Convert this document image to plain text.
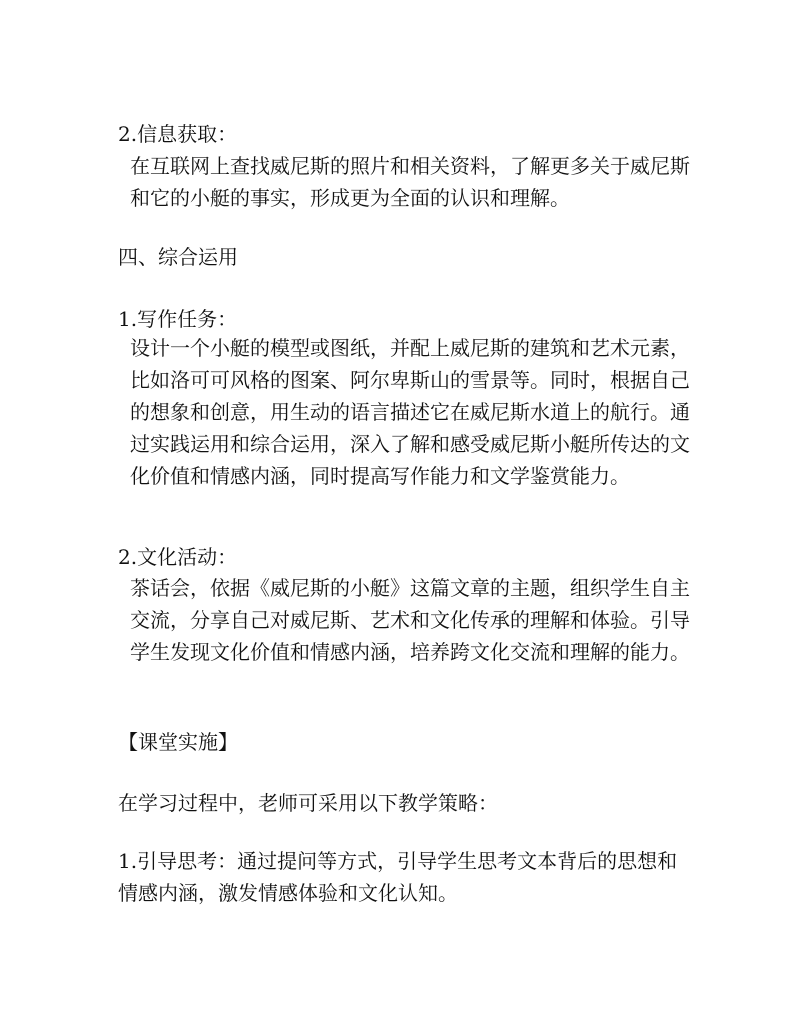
2.信息获取：

在互联网上查找威尼斯的照片和相关资料，了解更多关于威尼斯和它的小艇的事实，形成更为全面的认识和理解。

四、综合运用

1.写作任务：

设计一个小艇的模型或图纸，并配上威尼斯的建筑和艺术元素，比如洛可可风格的图案、阿尔卑斯山的雪景等。同时，根据自己的想象和创意，用生动的语言描述它在威尼斯水道上的航行。通过实践运用和综合运用，深入了解和感受威尼斯小艇所传达的文化价值和情感内涵，同时提高写作能力和文学鉴赏能力。

2.文化活动：

茶话会，依据《威尼斯的小艇》这篇文章的主题，组织学生自主交流，分享自己对威尼斯、艺术和文化传承的理解和体验。引导学生发现文化价值和情感内涵，培养跨文化交流和理解的能力。

【课堂实施】

在学习过程中，老师可采用以下教学策略：

1.引导思考：通过提问等方式，引导学生思考文本背后的思想和情感内涵，激发情感体验和文化认知。
